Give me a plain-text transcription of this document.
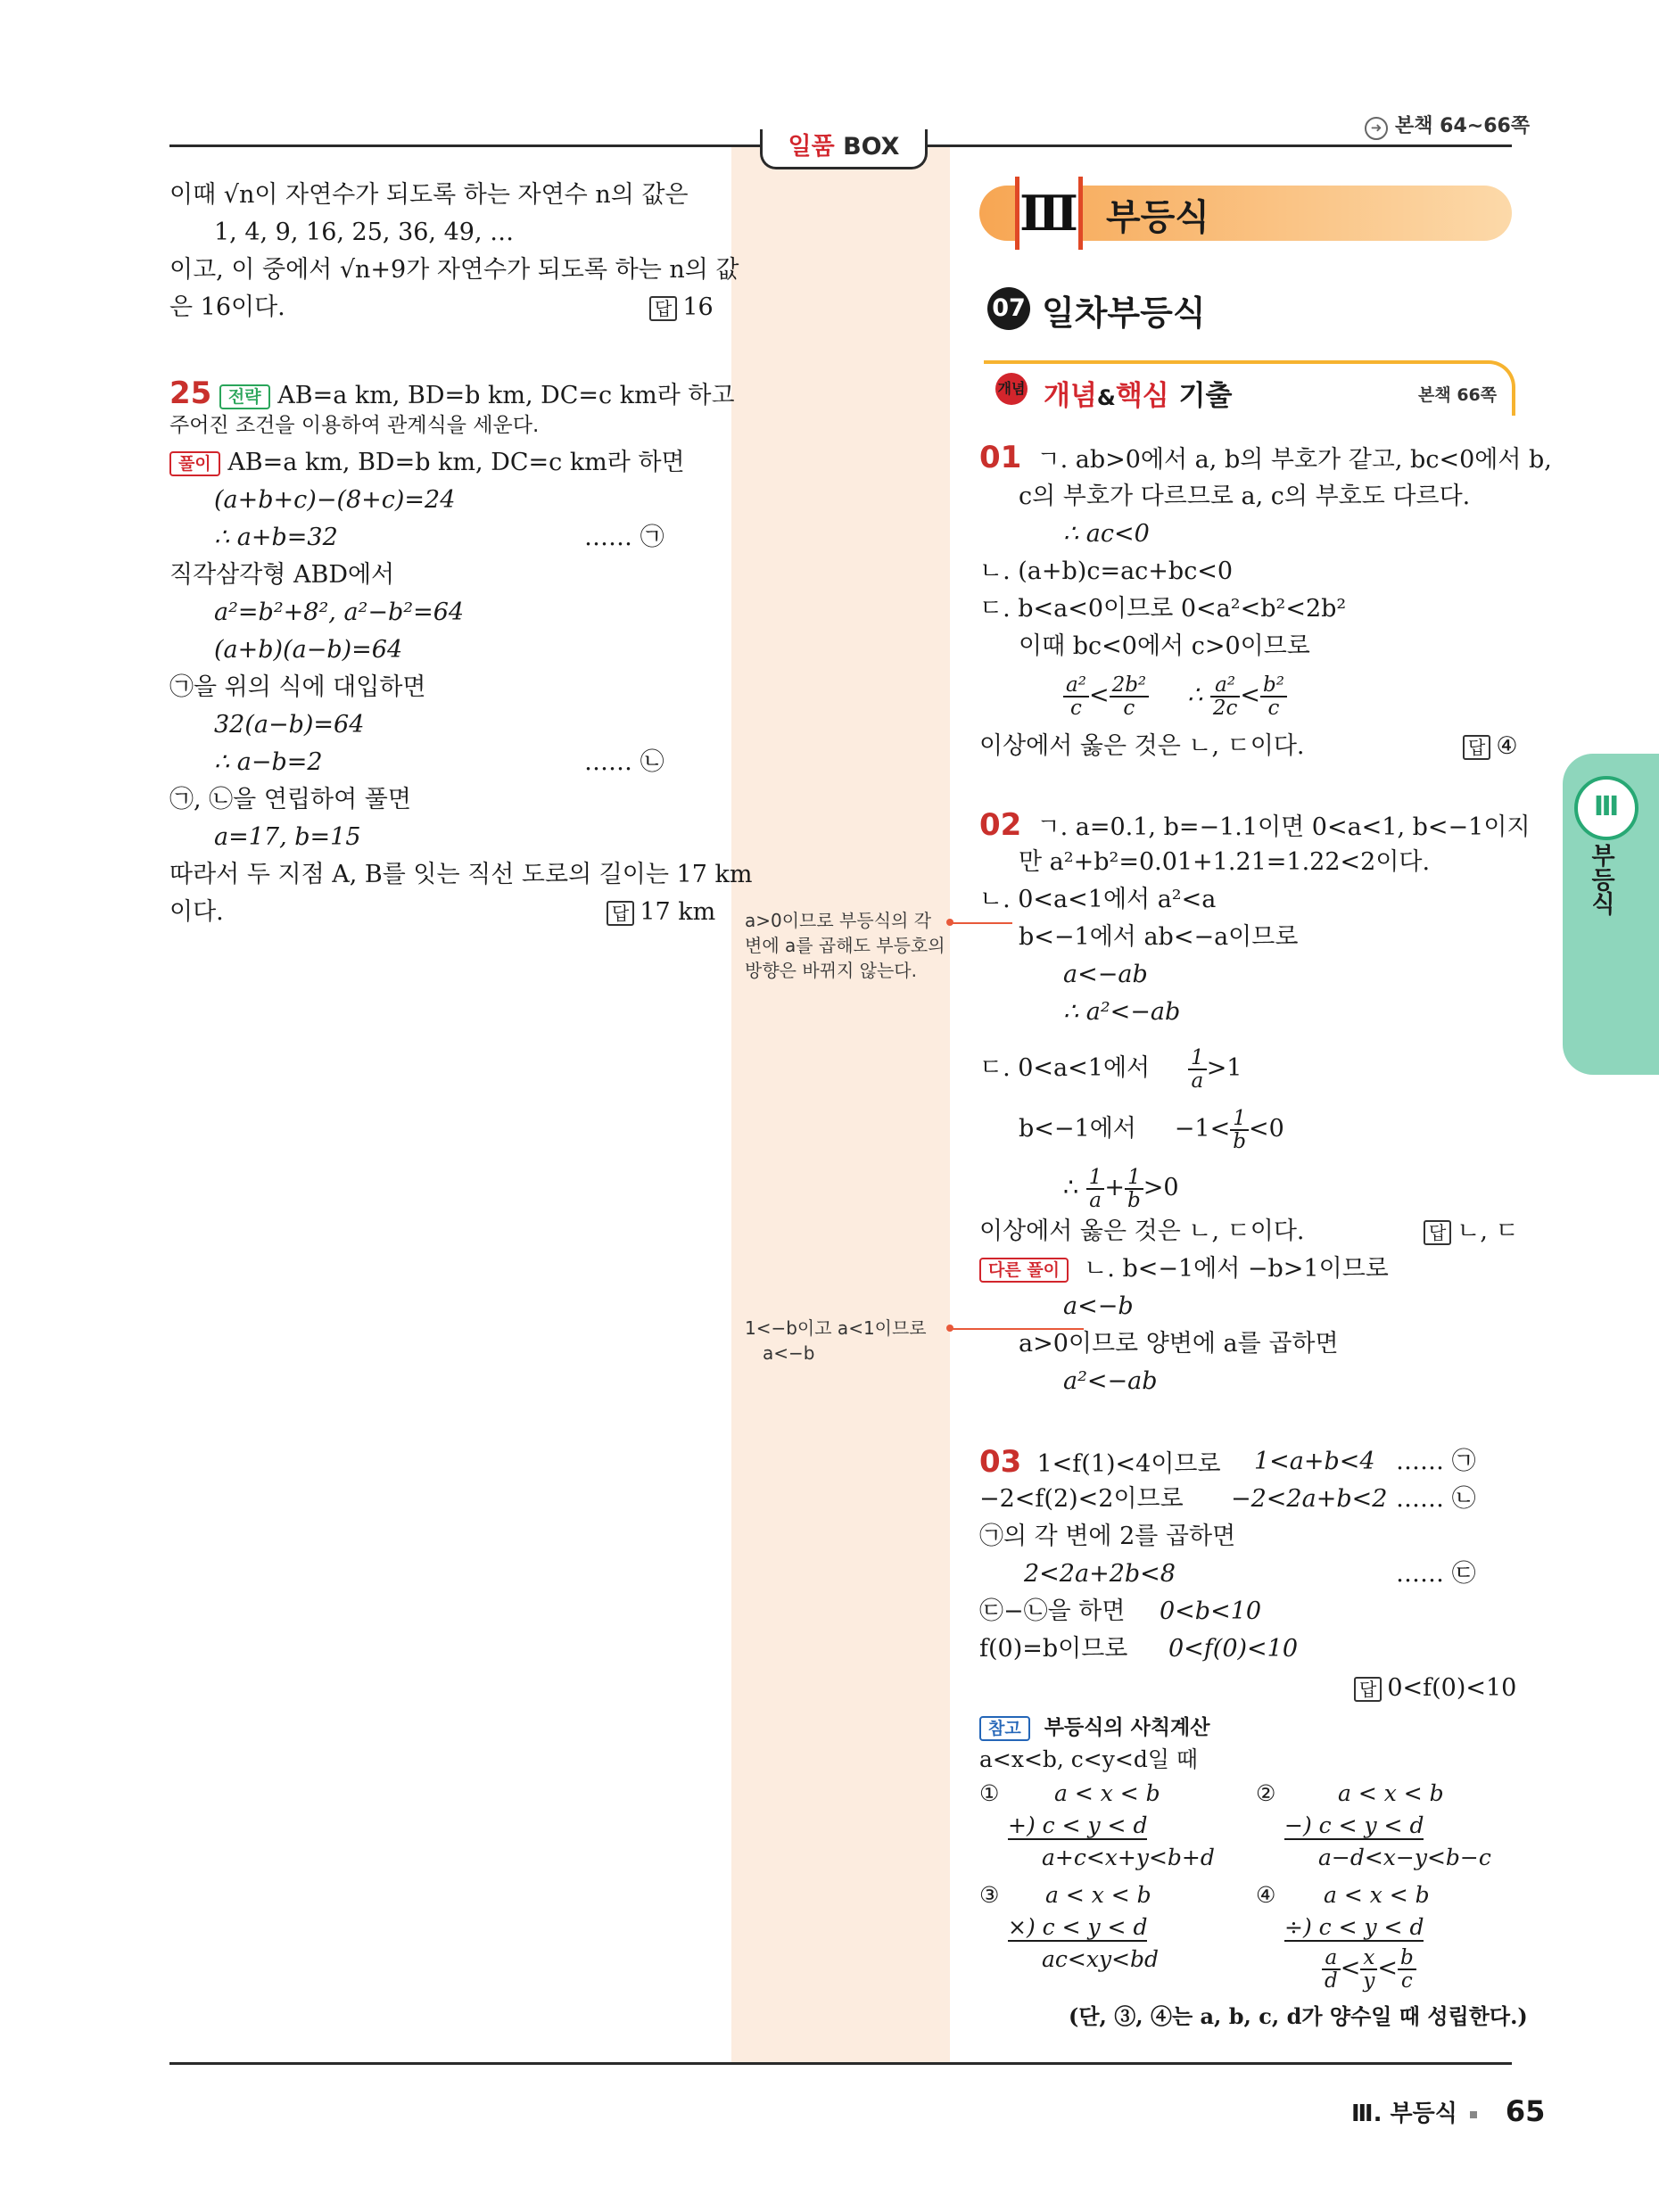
일품 BOX
➜ 본책 64~66쪽
Ⅲ 부등식
07 일차부등식
개념 개념&핵심 기출	본책 66쪽
Ⅲ
부등식
이때 √n이 자연수가 되도록 하는 자연수 n의 값은
1, 4, 9, 16, 25, 36, 49, …
이고, 이 중에서 √n+9가 자연수가 되도록 하는 n의 값
은 16이다.	답 16
25 전략 AB=a km, BD=b km, DC=c km라 하고
주어진 조건을 이용하여 관계식을 세운다.
풀이 AB=a km, BD=b km, DC=c km라 하면
(a+b+c)−(8+c)=24
∴ a+b=32	…… ㉠
직각삼각형 ABD에서
a²=b²+8², a²−b²=64
(a+b)(a−b)=64
㉠을 위의 식에 대입하면
32(a−b)=64
∴ a−b=2	…… ㉡
㉠, ㉡을 연립하여 풀면
a=17, b=15
따라서 두 지점 A, B를 잇는 직선 도로의 길이는 17 km
이다.	답 17 km a>0이므로 부등식의 각
변에 a를 곱해도 부등호의
방향은 바뀌지 않는다.
1<−b이고 a<1이므로
a<−b
01 ㄱ. ab>0에서 a, b의 부호가 같고, bc<0에서 b,
c의 부호가 다르므로 a, c의 부호도 다르다.
∴ ac<0
ㄴ. (a+b)c=ac+bc<0
ㄷ. b<a<0이므로 0<a²<b²<2b²
이때 bc<0에서 c>0이므로
$\frac{\text{a²}}{c} < \frac{\text{2b²}}{c}$ ∴ $\frac{\text{a²}}{2c} < \frac{\text{b²}}{c}$
이상에서 옳은 것은 ㄴ, ㄷ이다.	답 ④
02 ㄱ. a=0.1, b=−1.1이면 0<a<1, b<−1이지
만 a²+b²=0.01+1.21=1.22<2이다.
ㄴ. 0<a<1에서 a²<a
b<−1에서 ab<−a이므로
a<−ab
∴ a²<−ab
ㄷ. 0<a<1에서 $\frac{1}{a} >1$
b<−1에서 $-1< \frac{1}{b} <0$
∴ $\frac{1}{a} + \frac{1}{b} >0$
이상에서 옳은 것은 ㄴ, ㄷ이다.	답 ㄴ, ㄷ
다른 풀이 ㄴ. b<−1에서 −b>1이므로
a<−b
a>0이므로 양변에 a를 곱하면
a²<−ab
03 1<f(1)<4이므로 1<a+b<4 …… ㉠
−2<f(2)<2이므로 −2<2a+b<2 …… ㉡
㉠의 각 변에 2를 곱하면
2<2a+2b<8	…… ㉢
㉢−㉡을 하면 0<b<10
f(0)=b이므로 0<f(0)<10
답 0<f(0)<10
참고 부등식의 사칙계산
a<x<b, c<y<d일 때
① a < x < b
+) c < y < d
a+c<x+y<b+d
②	a < x < b
−) c < y < d
a−d<x−y<b−c
③ a < x < b
×) c < y < d
ac<xy<bd
④ a < x < b
÷) c < y < d
$\frac{a}{d} < \frac{x}{y} < \frac{b}{c}$
(단, ③, ④는 a, b, c, d가 양수일 때 성립한다.)
Ⅲ. 부등식 65
